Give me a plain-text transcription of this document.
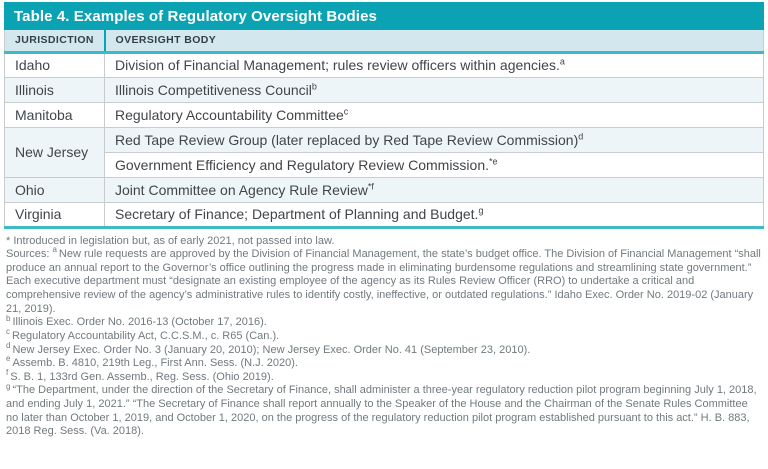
Table 4. Examples of Regulatory Oversight Bodies
JURISDICTION	OVERSIGHT BODY
Idaho	Division of Financial Management; rules review officers within agencies.$^a$
Illinois	Illinois Competitiveness Council$^b$
Manitoba	Regulatory Accountability Committee$^c$
New Jersey	Red Tape Review Group (later replaced by Red Tape Review Commission)$^d$
	Government Efficiency and Regulatory Review Commission.$^{*e}$
Ohio	Joint Committee on Agency Rule Review$^{*f}$
Virginia	Secretary of Finance; Department of Planning and Budget.$^g$

* Introduced in legislation but, as of early 2021, not passed into law.

Sources: $^a$ New rule requests are approved by the Division of Financial Management, the state’s budget office. The Division of Financial Management “shall produce an annual report to the Governor’s office outlining the progress made in eliminating burdensome regulations and streamlining state government.” Each executive department must “designate an existing employee of the agency as its Rules Review Officer (RRO) to undertake a critical and comprehensive review of the agency’s administrative rules to identify costly, ineffective, or outdated regulations.” Idaho Exec. Order No. 2019-02 (January 21, 2019).

$^b$ Illinois Exec. Order No. 2016-13 (October 17, 2016).

$^c$ Regulatory Accountability Act, C.C.S.M., c. R65 (Can.).

$^d$ New Jersey Exec. Order No. 3 (January 20, 2010); New Jersey Exec. Order No. 41 (September 23, 2010).

$^e$ Assemb. B. 4810, 219th Leg., First Ann. Sess. (N.J. 2020).

$^f$ S. B. 1, 133rd Gen. Assemb., Reg. Sess. (Ohio 2019).

$^g$ “The Department, under the direction of the Secretary of Finance, shall administer a three-year regulatory reduction pilot program beginning July 1, 2018, and ending July 1, 2021.” “The Secretary of Finance shall report annually to the Speaker of the House and the Chairman of the Senate Rules Committee no later than October 1, 2019, and October 1, 2020, on the progress of the regulatory reduction pilot program established pursuant to this act.” H. B. 883, 2018 Reg. Sess. (Va. 2018).
